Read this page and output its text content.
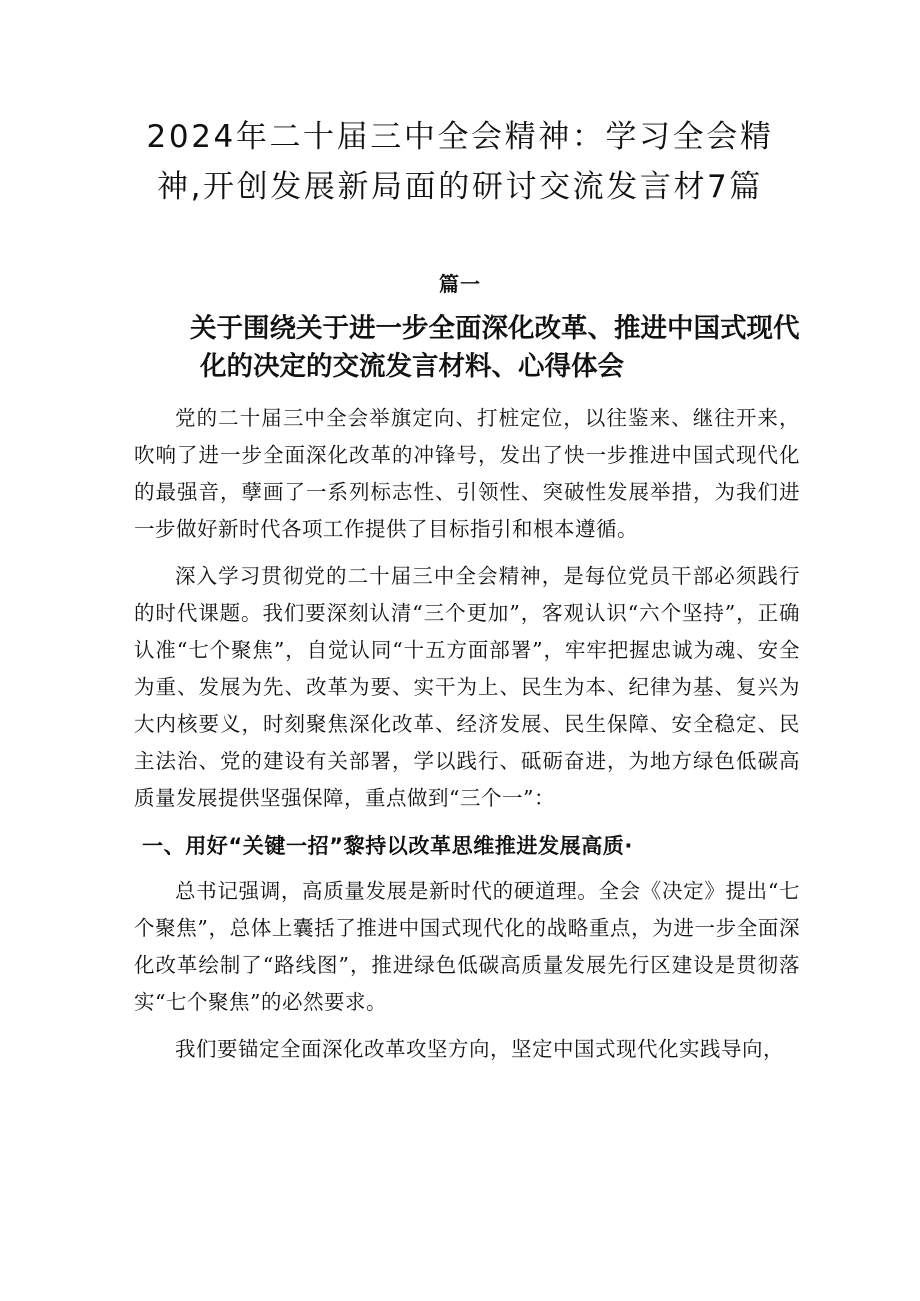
2024年二十届三中全会精神：学习全会精神,开创发展新局面的研讨交流发言材7篇
篇一
关于围绕关于进一步全面深化改革、推进中国式现代
化的决定的交流发言材料、心得体会

党的二十届三中全会举旗定向、打桩定位，以往鉴来、继往开来，吹响了进一步全面深化改革的冲锋号，发出了快一步推进中国式现代化的最强音，孽画了一系列标志性、引领性、突破性发展举措，为我们进一步做好新时代各项工作提供了目标指引和根本遵循。

深入学习贯彻党的二十届三中全会精神，是每位党员干部必须践行的时代课题。我们要深刻认清“三个更加”，客观认识“六个坚持”，正确认准“七个聚焦”，自觉认同“十五方面部署”，牢牢把握忠诚为魂、安全为重、发展为先、改革为要、实干为上、民生为本、纪律为基、复兴为大内核要义，时刻聚焦深化改革、经济发展、民生保障、安全稳定、民主法治、党的建设有关部署，学以践行、砥砺奋进，为地方绿色低碳高质量发展提供坚强保障，重点做到“三个一”：

一、用好“关键一招”黎持以改革思维推进发展高质·

总书记强调，高质量发展是新时代的硬道理。全会《决定》提出“七个聚焦”，总体上囊括了推进中国式现代化的战略重点，为进一步全面深化改革绘制了“路线图”，推进绿色低碳高质量发展先行区建设是贯彻落实“七个聚焦”的必然要求。

我们要锚定全面深化改革攻坚方向，坚定中国式现代化实践导向，
